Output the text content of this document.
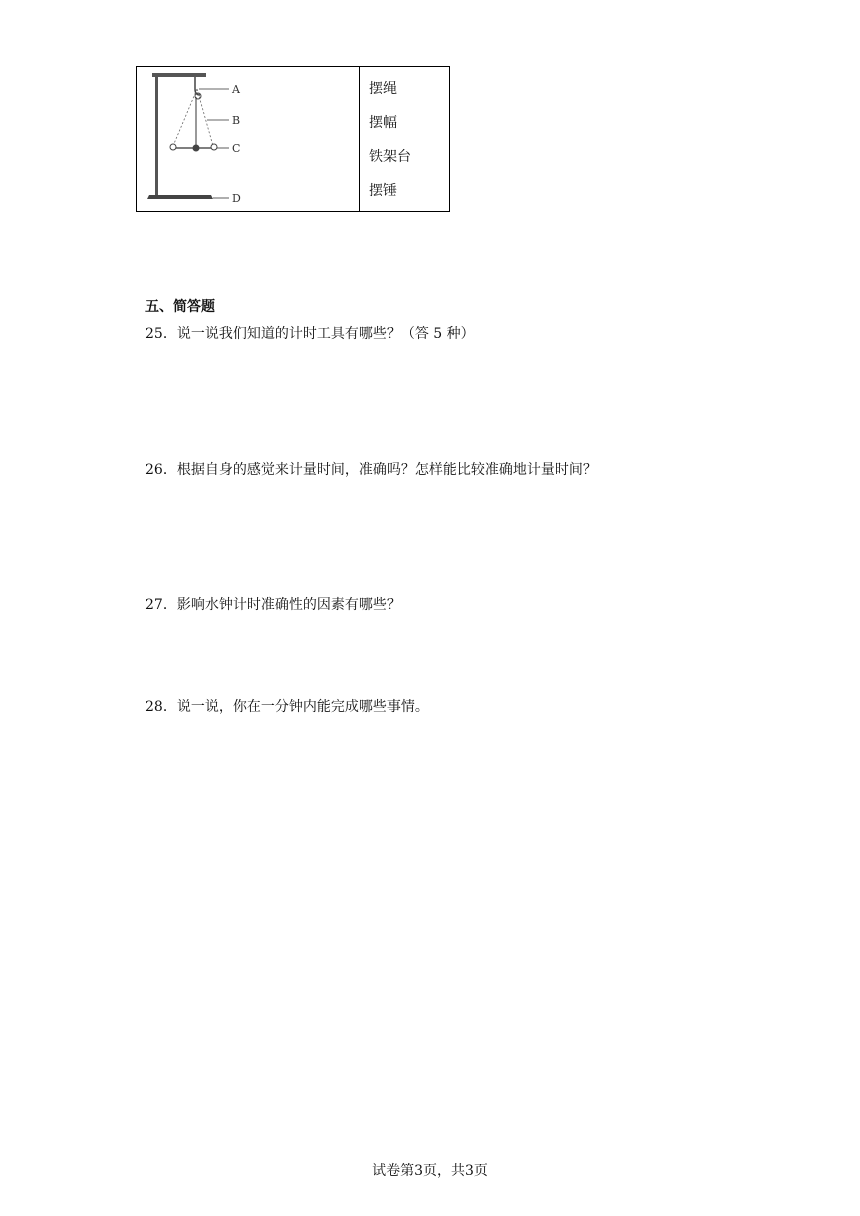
A
B
C
D
摆绳
摆幅
铁架台
摆锤
五、简答题
25．说一说我们知道的计时工具有哪些？（答 5 种）
26．根据自身的感觉来计量时间，准确吗？怎样能比较准确地计量时间？
27．影响水钟计时准确性的因素有哪些？
28．说一说，你在一分钟内能完成哪些事情。
试卷第3页，共3页
